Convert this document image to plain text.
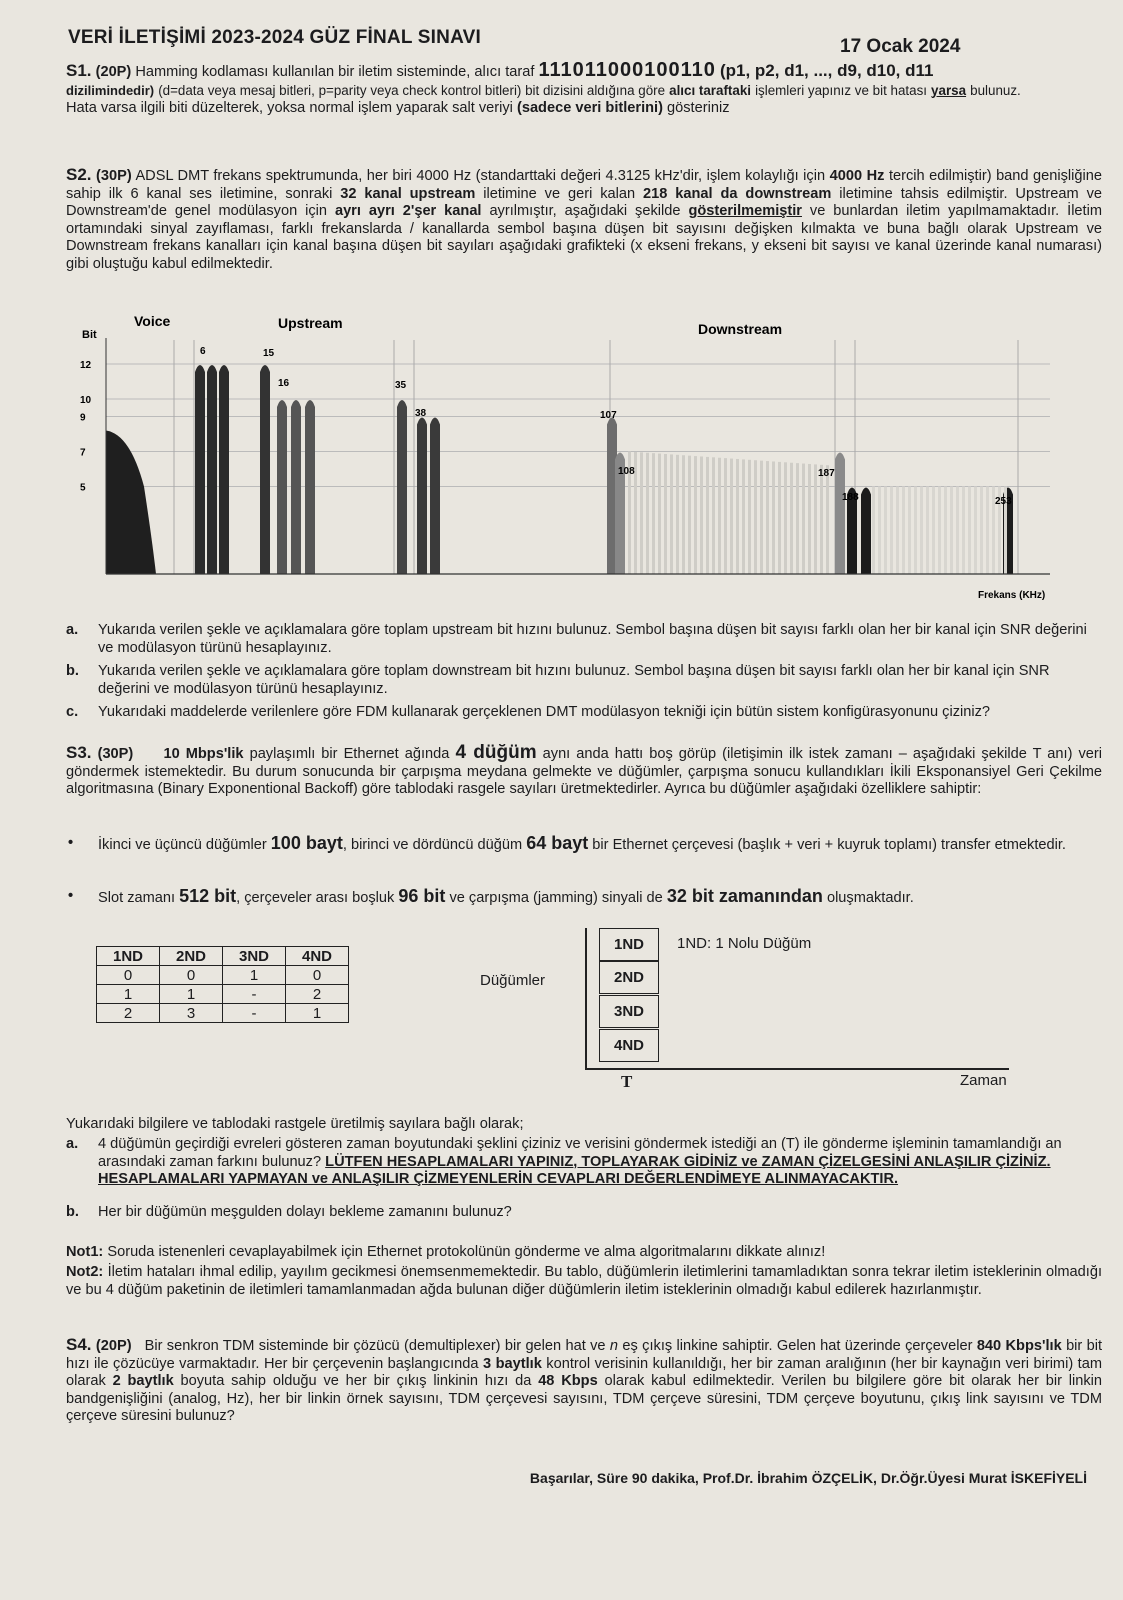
VERİ İLETİŞİMİ 2023-2024 GÜZ FİNAL SINAVI	17 Ocak 2024
S1. (20P) Hamming kodlaması kullanılan bir iletim sisteminde, alıcı taraf 111011000100110 (p1, p2, d1, ..., d9, d10, d11
dizilimindedir) (d=data veya mesaj bitleri, p=parity veya check kontrol bitleri) bit dizisini aldığına göre alıcı taraftaki işlemleri yapınız ve bit hatası yarsa bulunuz.
Hata varsa ilgili biti düzelterek, yoksa normal işlem yaparak salt veriyi (sadece veri bitlerini) gösteriniz
S2. (30P) ADSL DMT frekans spektrumunda, her biri 4000 Hz (standarttaki değeri 4.3125 kHz'dir, işlem kolaylığı için 4000 Hz tercih edilmiştir) band genişliğine sahip ilk 6 kanal ses iletimine, sonraki 32 kanal upstream iletimine ve geri kalan 218 kanal da downstream iletimine tahsis edilmiştir. Upstream ve Downstream'de genel modülasyon için ayrı ayrı 2'şer kanal ayrılmıştır, aşağıdaki şekilde gösterilmemiştir ve bunlardan iletim yapılmamaktadır. İletim ortamındaki sinyal zayıflaması, farklı frekanslarda / kanallarda sembol başına düşen bit sayısını değişken kılmakta ve buna bağlı olarak Upstream ve Downstream frekans kanalları için kanal başına düşen bit sayıları aşağıdaki grafikteki (x ekseni frekans, y ekseni bit sayısı ve kanal üzerinde kanal numarası) gibi oluştuğu kabul edilmektedir.
Bit
Voice	Upstream	Downstream
Frekans (KHz)
12
10
9
7
5
6	15
16	35
38	107
108	187
188	253
a. Yukarıda verilen şekle ve açıklamalara göre toplam upstream bit hızını bulunuz. Sembol başına düşen bit sayısı farklı olan her bir kanal için SNR değerini ve modülasyon türünü hesaplayınız.
b. Yukarıda verilen şekle ve açıklamalara göre toplam downstream bit hızını bulunuz. Sembol başına düşen bit sayısı farklı olan her bir kanal için SNR değerini ve modülasyon türünü hesaplayınız.
c. Yukarıdaki maddelerde verilenlere göre FDM kullanarak gerçeklenen DMT modülasyon tekniği için bütün sistem konfigürasyonunu çiziniz?
S3. (30P) 10 Mbps'lik paylaşımlı bir Ethernet ağında 4 düğüm aynı anda hattı boş görüp (iletişimin ilk istek zamanı – aşağıdaki şekilde T anı) veri göndermek istemektedir. Bu durum sonucunda bir çarpışma meydana gelmekte ve düğümler, çarpışma sonucu kullandıkları İkili Eksponansiyel Geri Çekilme algoritmasına (Binary Exponentional Backoff) göre tablodaki rasgele sayıları üretmektedirler. Ayrıca bu düğümler aşağıdaki özelliklere sahiptir:
• İkinci ve üçüncü düğümler 100 bayt, birinci ve dördüncü düğüm 64 bayt bir Ethernet çerçevesi (başlık + veri + kuyruk toplamı) transfer etmektedir.
• Slot zamanı 512 bit, çerçeveler arası boşluk 96 bit ve çarpışma (jamming) sinyali de 32 bit zamanından oluşmaktadır.
1ND	2ND	3ND	4ND
0	0	1	0
1	1	-	2
2	3	-	1
Düğümler
1ND
2ND
3ND
4ND
1ND: 1 Nolu Düğüm
T	Zaman
Yukarıdaki bilgilere ve tablodaki rastgele üretilmiş sayılara bağlı olarak;
a. 4 düğümün geçirdiği evreleri gösteren zaman boyutundaki şeklini çiziniz ve verisini göndermek istediği an (T) ile gönderme işleminin tamamlandığı an arasındaki zaman farkını bulunuz? LÜTFEN HESAPLAMALARI YAPINIZ, TOPLAYARAK GİDİNİZ ve ZAMAN ÇİZELGESİNİ ANLAŞILIR ÇİZİNİZ. HESAPLAMALARI YAPMAYAN ve ANLAŞILIR ÇİZMEYENLERİN CEVAPLARI DEĞERLENDİMEYE ALINMAYACAKTIR.
b. Her bir düğümün meşgulden dolayı bekleme zamanını bulunuz?
Not1: Soruda istenenleri cevaplayabilmek için Ethernet protokolünün gönderme ve alma algoritmalarını dikkate alınız!
Not2: İletim hataları ihmal edilip, yayılım gecikmesi önemsenmemektedir. Bu tablo, düğümlerin iletimlerini tamamladıktan sonra tekrar iletim isteklerinin olmadığı ve bu 4 düğüm paketinin de iletimleri tamamlanmadan ağda bulunan diğer düğümlerin iletim isteklerinin olmadığı kabul edilerek hazırlanmıştır.
S4. (20P) Bir senkron TDM sisteminde bir çözücü (demultiplexer) bir gelen hat ve n eş çıkış linkine sahiptir. Gelen hat üzerinde çerçeveler 840 Kbps'lık bir bit hızı ile çözücüye varmaktadır. Her bir çerçevenin başlangıcında 3 baytlık kontrol verisinin kullanıldığı, her bir zaman aralığının (her bir kaynağın veri birimi) tam olarak 2 baytlık boyuta sahip olduğu ve her bir çıkış linkinin hızı da 48 Kbps olarak kabul edilmektedir. Verilen bu bilgilere göre bit olarak her bir linkin bandgenişliğini (analog, Hz), her bir linkin örnek sayısını, TDM çerçevesi sayısını, TDM çerçeve süresini, TDM çerçeve boyutunu, çıkış link sayısını ve TDM çerçeve süresini bulunuz?
Başarılar, Süre 90 dakika, Prof.Dr. İbrahim ÖZÇELİK, Dr.Öğr.Üyesi Murat İSKEFİYELİ
